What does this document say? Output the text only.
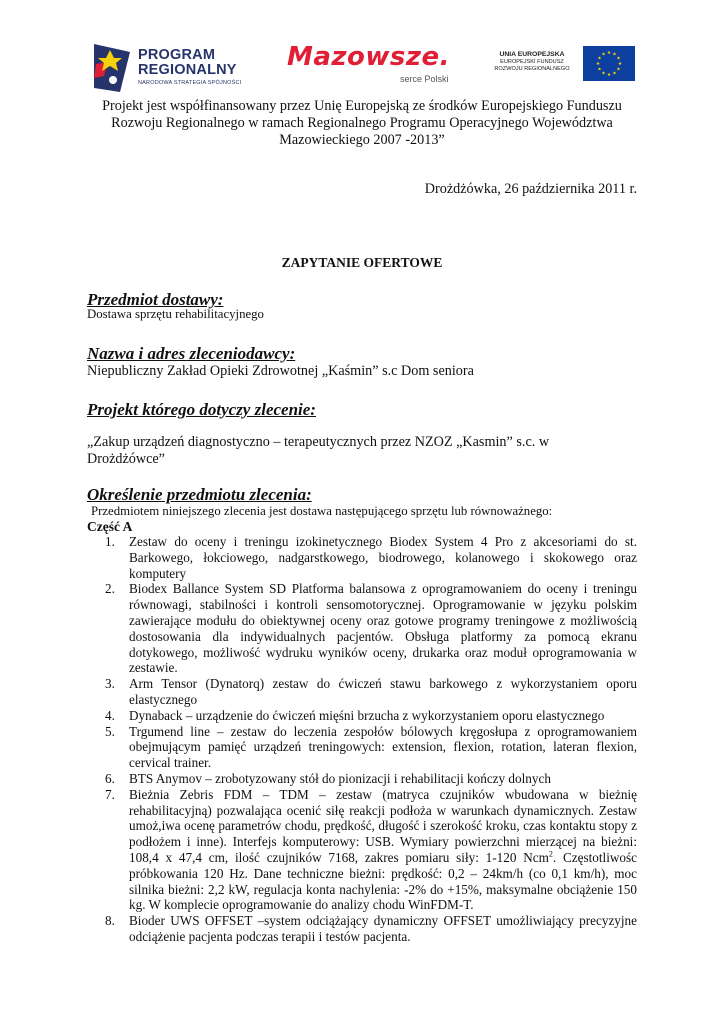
PROGRAM
REGIONALNY
NARODOWA STRATEGIA SPÓJNOŚCI
Mazowsze.
serce Polski
UNIA EUROPEJSKA
EUROPEJSKI FUNDUSZ
ROZWOJU REGIONALNEGO

Projekt jest współfinansowany przez Unię Europejską ze środków Europejskiego Funduszu Rozwoju Regionalnego w ramach Regionalnego Programu Operacyjnego Województwa Mazowieckiego 2007 -2013”

Drożdżówka, 26 października 2011 r.

ZAPYTANIE OFERTOWE

Przedmiot dostawy:

Dostawa sprzętu rehabilitacyjnego

Nazwa i adres zleceniodawcy:

Niepubliczny Zakład Opieki Zdrowotnej „Kaśmin” s.c Dom seniora

Projekt którego dotyczy zlecenie:

„Zakup urządzeń diagnostyczno – terapeutycznych przez NZOZ „Kasmin” s.c. w Drożdżówce”

Określenie przedmiotu zlecenia:

Przedmiotem niniejszego zlecenia jest dostawa następującego sprzętu lub równoważnego:

Część A

1. Zestaw do oceny i treningu izokinetycznego Biodex System 4 Pro z akcesoriami do st. Barkowego, łokciowego, nadgarstkowego, biodrowego, kolanowego i skokowego oraz komputery
2. Biodex Ballance System SD Platforma balansowa z oprogramowaniem do oceny i treningu równowagi, stabilności i kontroli sensomotorycznej. Oprogramowanie w języku polskim zawierające modułu do obiektywnej oceny oraz gotowe programy treningowe z możliwością dostosowania dla indywidualnych pacjentów. Obsługa platformy za pomocą ekranu dotykowego, możliwość wydruku wyników oceny, drukarka oraz moduł oprogramowania w zestawie.
3. Arm Tensor (Dynatorq) zestaw do ćwiczeń stawu barkowego z wykorzystaniem oporu elastycznego
4. Dynaback – urządzenie do ćwiczeń mięśni brzucha z wykorzystaniem oporu elastycznego
5. Trgumend line – zestaw do leczenia zespołów bólowych kręgosłupa z oprogramowaniem obejmującym pamięć urządzeń treningowych: extension, flexion, rotation, lateran flexion, cervical trainer.
6. BTS Anymov – zrobotyzowany stół do pionizacji i rehabilitacji kończy dolnych
7. Bieżnia Zebris FDM – TDM – zestaw (matryca czujników wbudowana w bieżnię rehabilitacyjną) pozwalająca ocenić siłę reakcji podłoża w warunkach dynamicznych. Zestaw umoż,iwa ocenę parametrów chodu, prędkość, długość i szerokość kroku, czas kontaktu stopy z podłożem i inne). Interfejs komputerowy: USB. Wymiary powierzchni mierzącej na bieżni: 108,4 x 47,4 cm, ilość czujników 7168, zakres pomiaru siły: 1-120 Ncm$^2$. Częstotliwośc próbkowania 120 Hz. Dane techniczne bieżni: prędkość: 0,2 – 24km/h (co 0,1 km/h), moc silnika bieżni: 2,2 kW, regulacja konta nachylenia: -2% do +15%, maksymalne obciążenie 150 kg. W komplecie oprogramowanie do analizy chodu WinFDM-T.
8. Bioder UWS OFFSET –system odciążający dynamiczny OFFSET umożliwiający precyzyjne odciążenie pacjenta podczas terapii i testów pacjenta.
